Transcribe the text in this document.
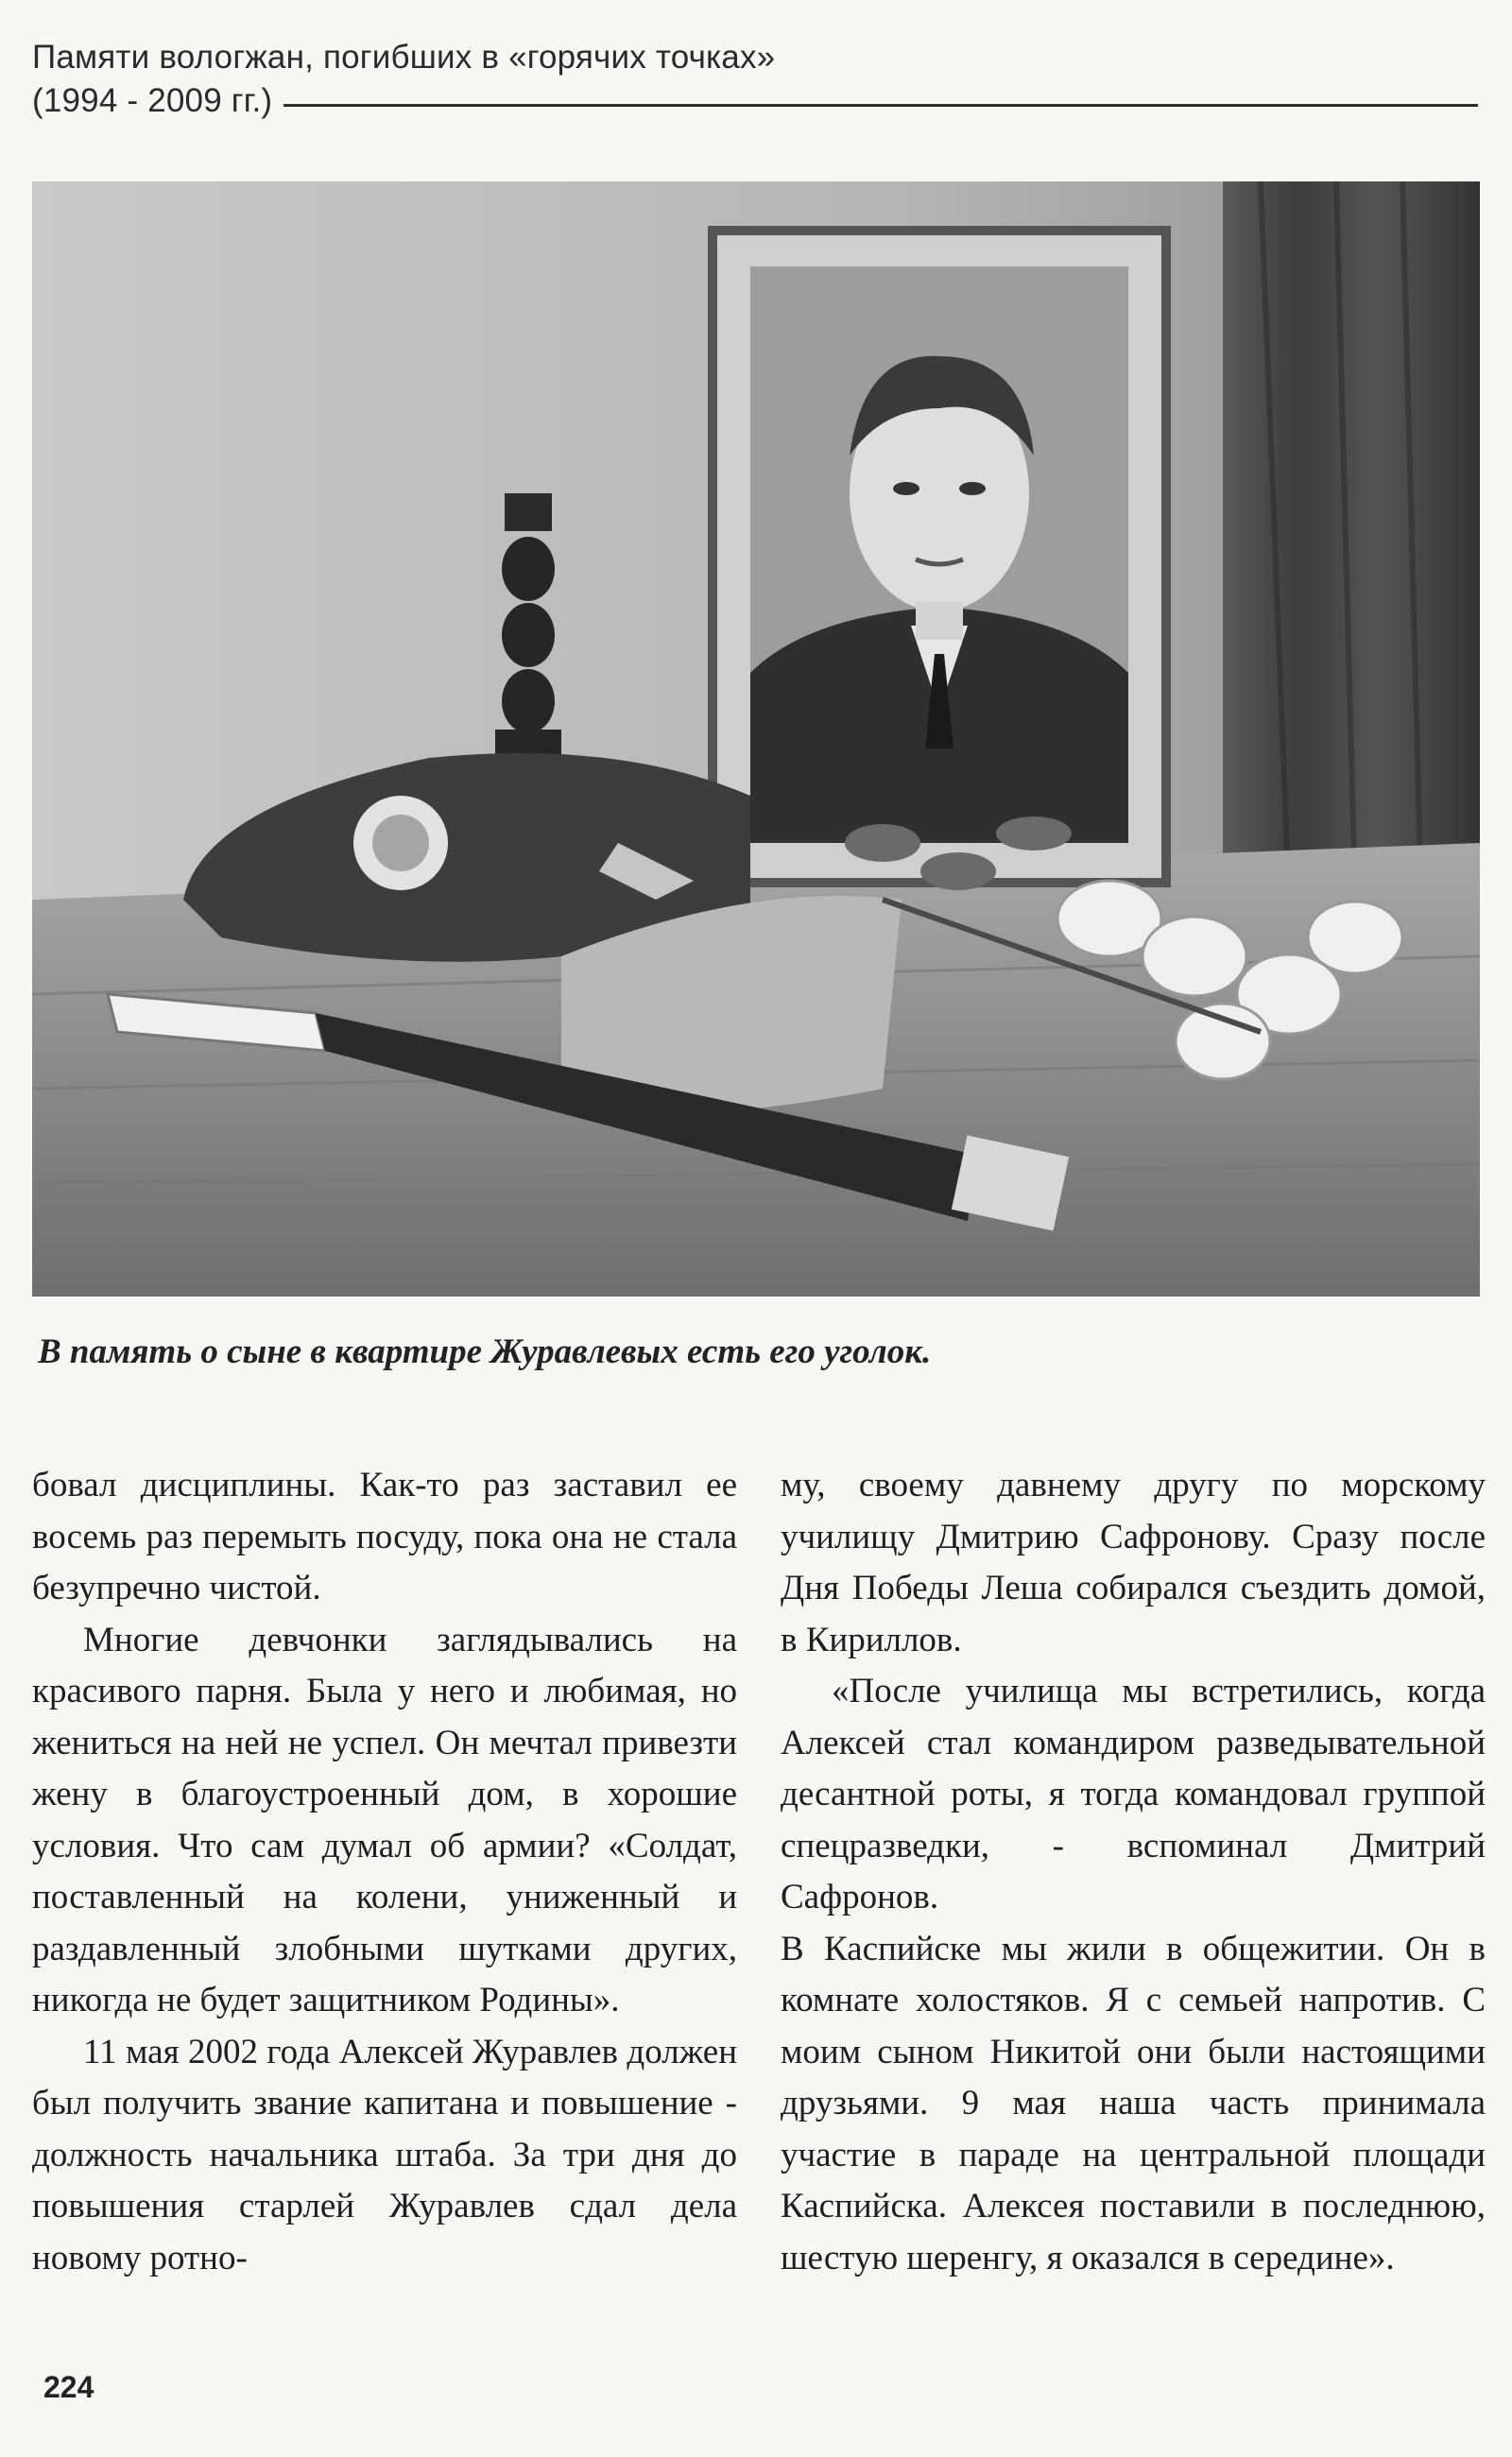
Памяти вологжан, погибших в «горячих точках»
(1994 - 2009 гг.)
В память о сыне в квартире Журавлевых есть его уголок.

бовал дисциплины. Как-то раз заставил ее восемь раз перемыть посуду, пока она не стала безупречно чистой.

Многие девчонки заглядывались на красивого парня. Была у него и любимая, но жениться на ней не успел. Он мечтал привезти жену в благоустроенный дом, в хорошие условия. Что сам думал об армии? «Солдат, поставленный на колени, униженный и раздавленный злобными шутками других, никогда не будет защитником Родины».

11 мая 2002 года Алексей Журавлев должен был получить звание капитана и повышение - должность начальника штаба. За три дня до повышения старлей Журавлев сдал дела новому ротно-

му, своему давнему другу по морскому училищу Дмитрию Сафронову. Сразу после Дня Победы Леша собирался съездить домой, в Кириллов.

«После училища мы встретились, когда Алексей стал командиром разведывательной десантной роты, я тогда командовал группой спецразведки, - вспоминал Дмитрий Сафронов.

В Каспийске мы жили в общежитии. Он в комнате холостяков. Я с семьей напротив. С моим сыном Никитой они были настоящими друзьями. 9 мая наша часть принимала участие в параде на центральной площади Каспийска. Алексея поставили в последнюю, шестую шеренгу, я оказался в середине».

224
